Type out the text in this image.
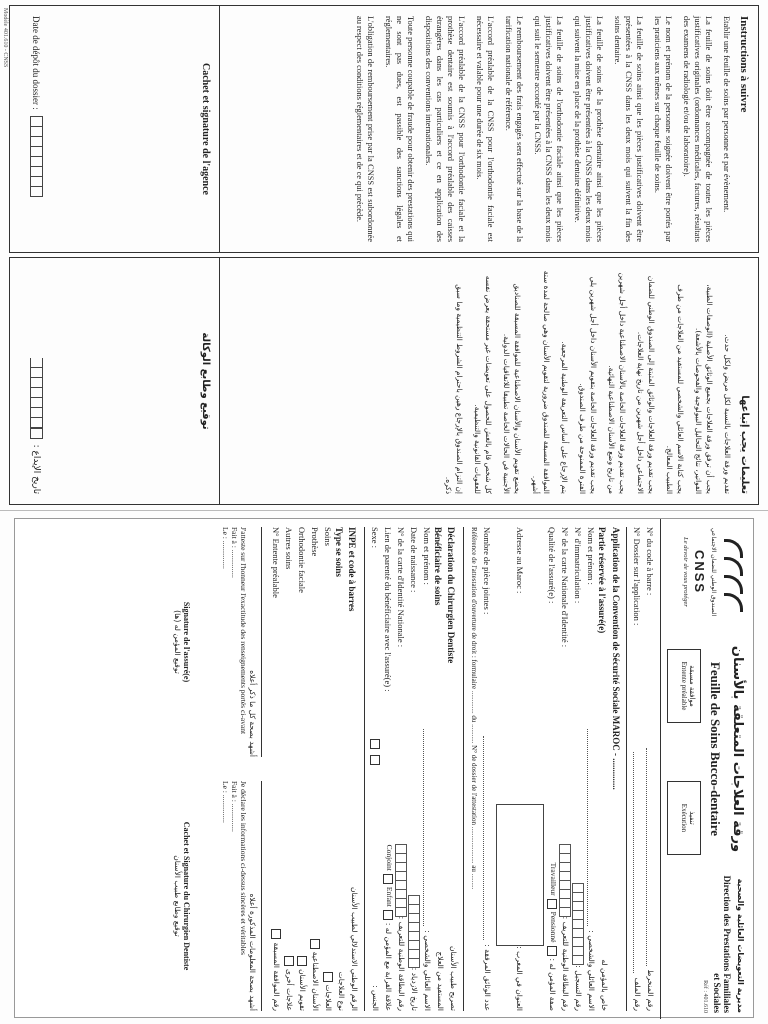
Instructions à suivre

Etablir une feuille de soins par personne et par évènement.

La feuille de soins doit être accompagnée de toutes les pièces justificatives originales (ordonnances médicales, factures, résultats des examens de radiologie et/ou de laboratoire).

Le nom et prénom de la personne soignée doivent être portés par les praticiens aux mêmes sur chaque feuille de soins.

La feuille de soins ainsi que les pièces justificatives doivent être présentées à la CNSS dans les deux mois qui suivent la fin des soins dentaire.

La feuille de soins de la prothèse dentaire ainsi que les pièces justificatives doivent être présentées à la CNSS dans les deux mois qui suivent la mise en place de la prothèse dentaire définitive.

La feuille de soins de l'orthodontie faciale ainsi que les pièces justificatives doivent être présentées à la CNSS dans les deux mois qui suit le semestre accordé par la CNSS.

Le remboursement des frais engagés sera effectué sur la base de la tarification nationale de référence.

L'accord préalable de la CNSS pour l'orthodontie faciale est nécessaire et valable pour une durée de six mois.

L'accord préalable de la CNSS pour l'orthodontie faciale et la prothèse dentaire est soumis à l'accord préalable des caisses étrangères dans les cas particuliers et ce en application des dispositions des conventions internationales.

Toute personne coupable de fraude pour obtenir des prestations qui ne sont pas dues, est passible des sanctions légales et réglementaires.

L'obligation de remboursement prise par la CNSS est subordonnée au respect des conditions réglementaires et de ce qui précède.

Cachet et signature de l'agence
Date de dépôt du dossier :
تعليمات يجب إتباعها

تقديم ورقة العلاجات بالنسبة لكل مريض ولكل حدث.

يجب أن ترفق ورقة العلاجات بجميع الوثائق الأصلية (الوصفات الطبية، الفواتير، نتائج التحاليل البيولوجية والفحوصات بالأشعة).

يجب كتابة الاسم العائلي والشخصي للمستفيد من العلاجات من طرف الطبيب المعالج.

يجب تقديم ورقة العلاجات والوثائق المثبتة إلى الصندوق الوطني للضمان الاجتماعي داخل أجل شهرين من تاريخ نهاية العلاجات.

يجب تقديم ورقة العلاجات الخاصة بالأسنان الاصطناعية داخل أجل شهرين من تاريخ وضع الأسنان الاصطناعية النهائية.

يجب تقديم ورقة العلاجات الخاصة بتقويم الأسنان داخل أجل شهرين يلي الفترة الممنوحة من طرف الصندوق.

يتم الإرجاع على أساس التعريفة الوطنية المرجعية.

الموافقة المسبقة للصندوق ضرورية لتقويم الأسنان وهي صالحة لمدة ستة أشهر.

يخضع تقويم الأسنان والأسنان الاصطناعية للموافقة المسبقة للصناديق الأجنبية في الحالات الخاصة تطبيقا للاتفاقيات الدولية.

كل شخص قام بالغش للحصول على تعويضات غير مستحقة يعرض نفسه للعقوبات القانونية والتنظيمية.

إن التزام الصندوق بالإرجاع رهين باحترام الشروط التنظيمية وما سبق ذكره.

توقيع وطابع الوكالة
تاريخ الإيداع :
الصندوق الوطني للضمان الاجتماعي
CNSS
Le devoir de vous protéger
ورقة العلاجات المتعلقة بالأسنان
Feuille de Soins Bucco-dentaire
موافقة مسبقة
Entente préalable
تنفيذ
Exécution
مديرية التعويضات العائلية والصحية
Direction des Prestations Familiales et Sociales
Réf : 401.610
N° du code à barre :
رقم المنخرط
N° Dossier sur l'application :
رقم الملف
Application de la Convention de Sécurité Sociale MAROC - ..............
Partie réservée à l'assuré(e)
خاص بالمؤمن له
Nom et prénom :
الاسم العائلي والشخصي :
N° d'immatriculation :
رقم التسجيل :
N° de la carte Nationale d'Identité :
رقم البطاقة الوطنية للتعريف :
Qualité de l'assuré(e) :
Travailleur
Pensionné
صفة المؤمن له :
Adresse au Maroc :
العنوان في المغرب :
Nombre de pièce jointes :
عدد الوثائق المرفقة :
Référence de l'attestation d'ouverture de droit : formulaire ............. du ........... N° de dossier de l'attestation ..................... au .........
Déclaration du Chirurgien Dentiste
تصريح طبيب الأسنان
Bénéficiaire de soins
المستفيد من العلاج
Nom et prénom :
الاسم العائلي والشخصي :
Date de naissance :
تاريخ الازدياد :
N° de la carte d'Identité Nationale :
رقم البطاقة الوطنية للتعريف :
Lien de parenté du bénéficiaire avec l'assuré(e) :
Conjoint
Enfant
علاقة القرابة مع المؤمن له :
Sexe :
الجنس :
INPE et code à barres
الرقم الوطني الاستدلالي لطبيب الأسنان
Type se soins
نوع العلاجات
Soins
العلاجات
Prothèse
الأسنان الاصطناعية
Orthodontie faciale
تقويم الأسنان
Autres soins
علاجات أخرى
N° Entente préalable
رقم الموافقة المسبقة
أشهد بصحة كل ما ذكر أعلاه
J'atteste sur l'honneur l'exactitude des renseignements portés ci-avant
Fait à : ...............
Le : ...............
Signature de l'assuré(e)
توقيع المؤمن له (ها)
أشهد بصحة المعلومات المذكورة أعلاه
Je déclare les informations ci-dessus sincères et véritables
Fait à : ...............
Le : ...............
Cachet et Signature du Chirurgien Dentiste
توقيع وطابع طبيب الأسنان
Modèle 401.610 - CNSS
